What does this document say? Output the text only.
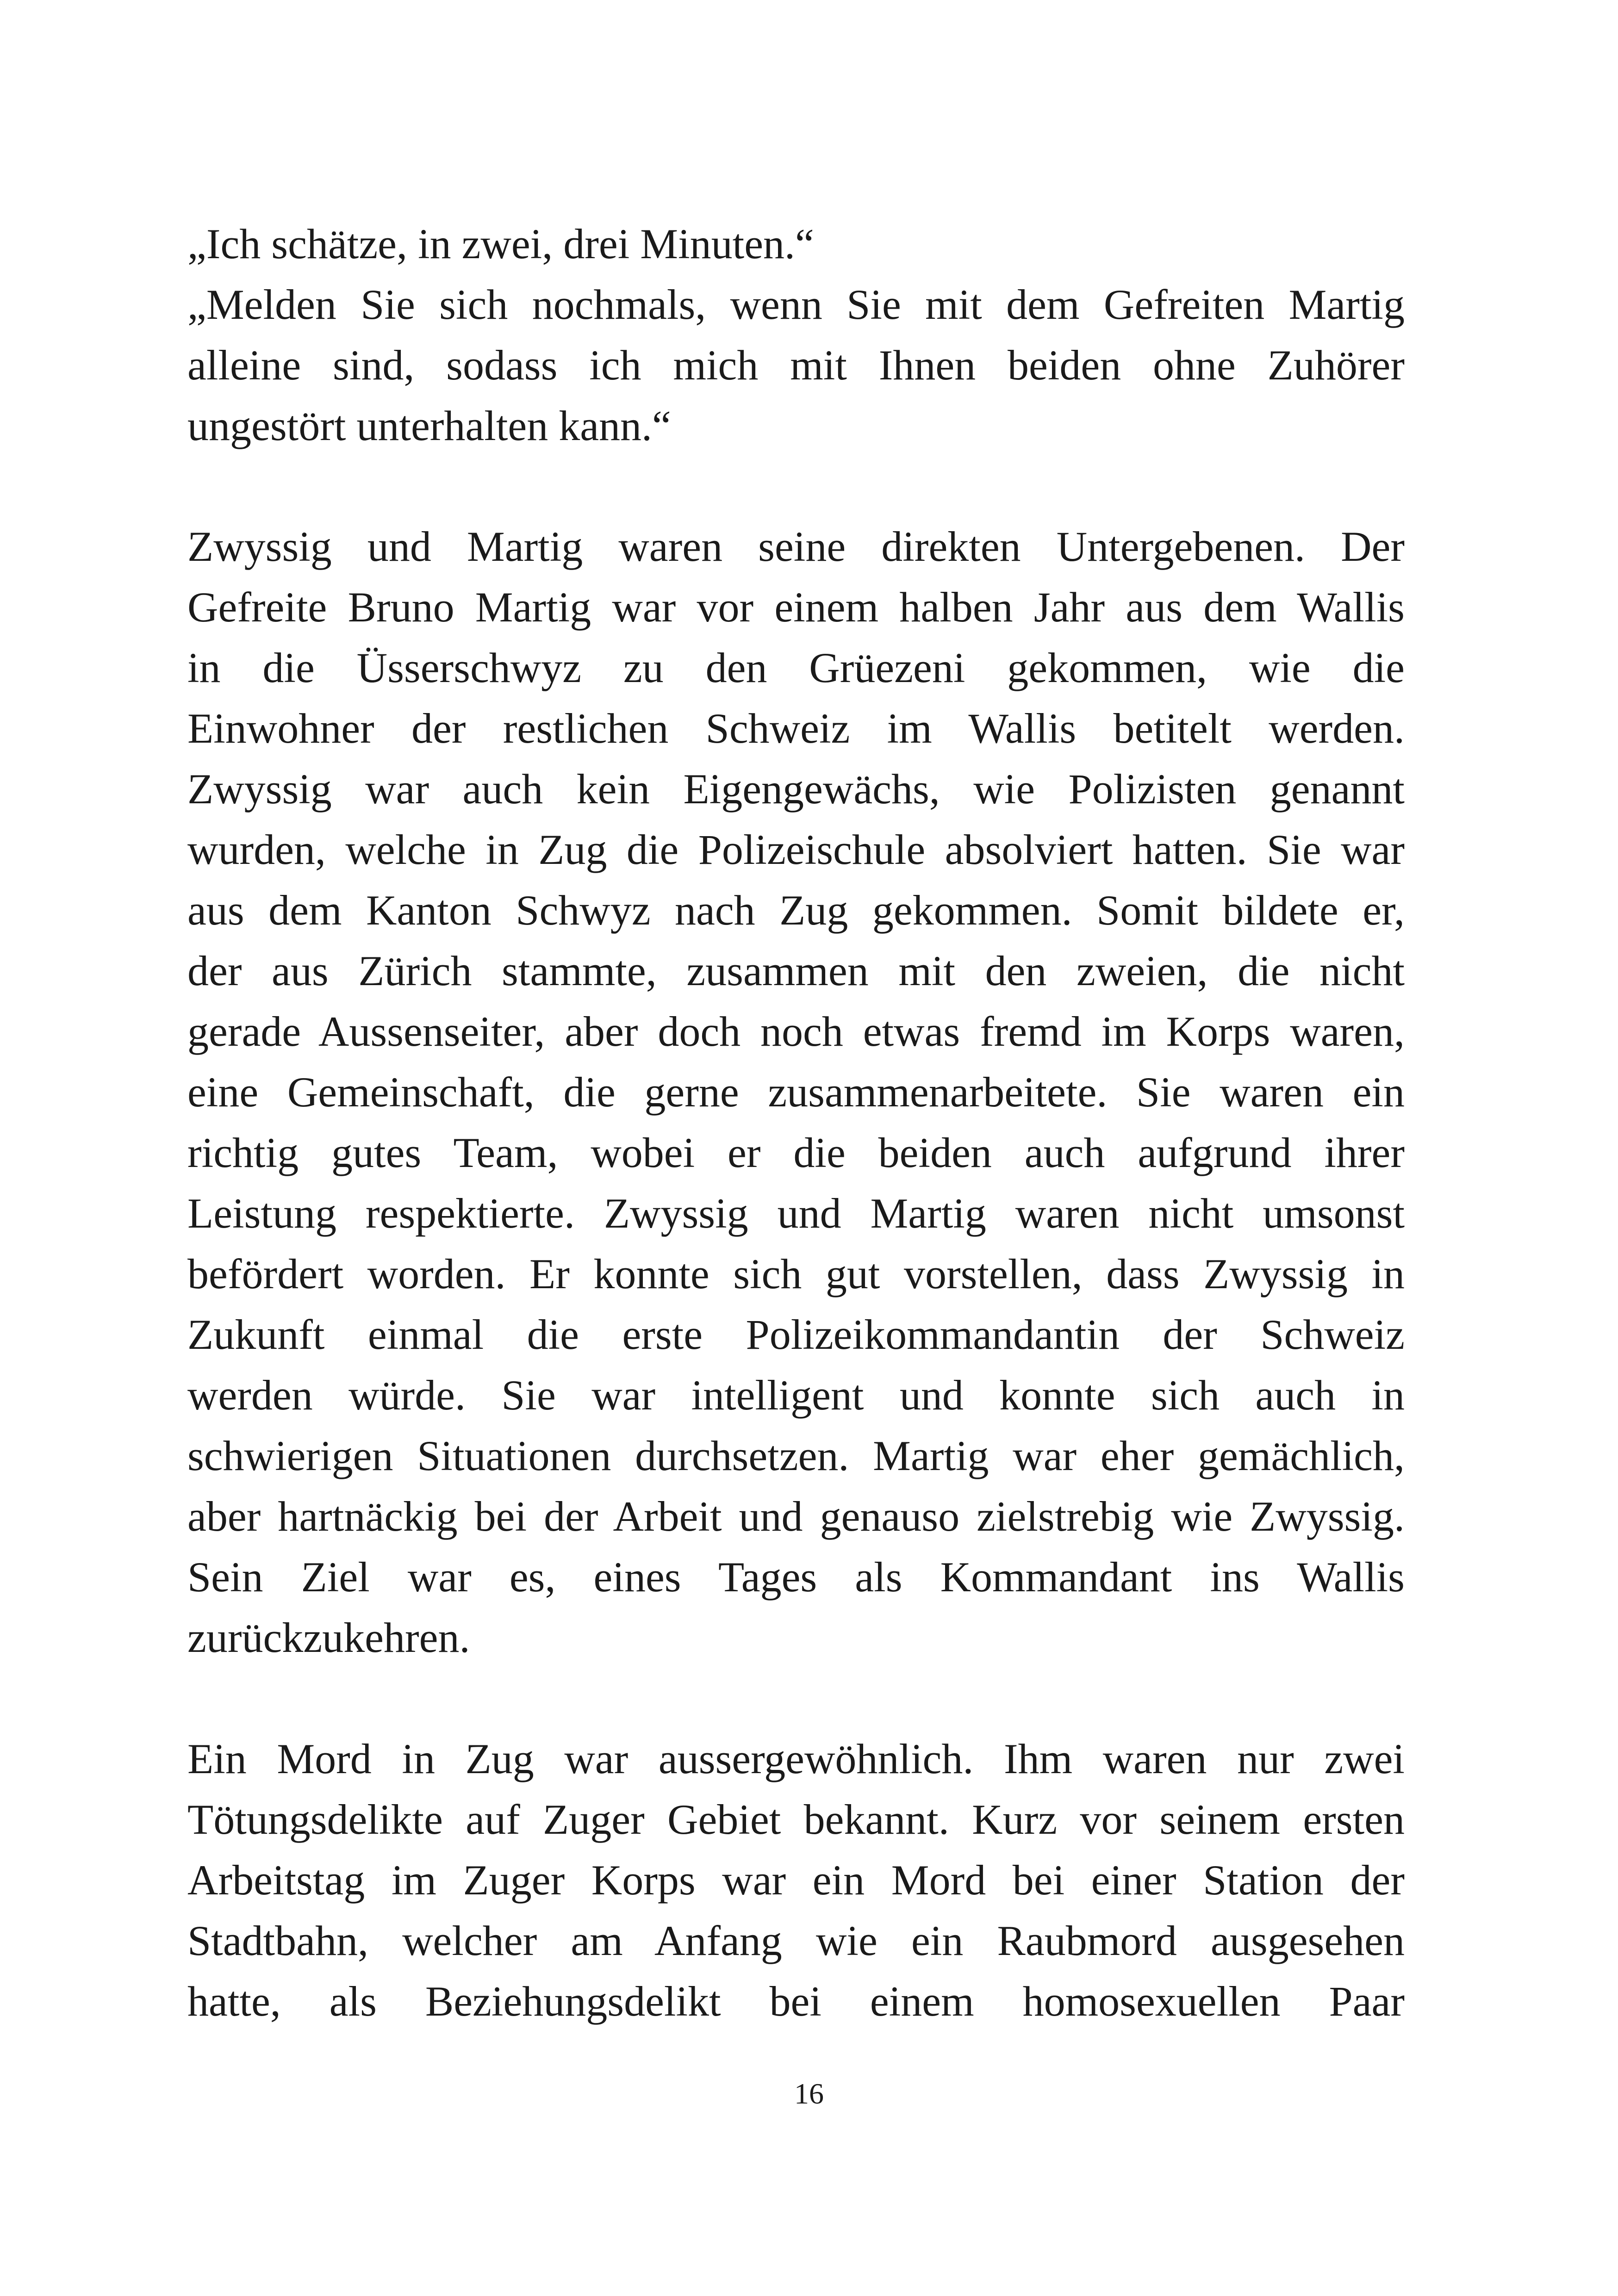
„Ich schätze, in zwei, drei Minuten.“
„Melden Sie sich nochmals, wenn Sie mit dem Gefreiten Martig
alleine sind, sodass ich mich mit Ihnen beiden ohne Zuhörer
ungestört unterhalten kann.“
Zwyssig und Martig waren seine direkten Untergebenen. Der
Gefreite Bruno Martig war vor einem halben Jahr aus dem Wallis
in die Üsserschwyz zu den Grüezeni gekommen, wie die
Einwohner der restlichen Schweiz im Wallis betitelt werden.
Zwyssig war auch kein Eigengewächs, wie Polizisten genannt
wurden, welche in Zug die Polizeischule absolviert hatten. Sie war
aus dem Kanton Schwyz nach Zug gekommen. Somit bildete er,
der aus Zürich stammte, zusammen mit den zweien, die nicht
gerade Aussenseiter, aber doch noch etwas fremd im Korps waren,
eine Gemeinschaft, die gerne zusammenarbeitete. Sie waren ein
richtig gutes Team, wobei er die beiden auch aufgrund ihrer
Leistung respektierte. Zwyssig und Martig waren nicht umsonst
befördert worden. Er konnte sich gut vorstellen, dass Zwyssig in
Zukunft einmal die erste Polizeikommandantin der Schweiz
werden würde. Sie war intelligent und konnte sich auch in
schwierigen Situationen durchsetzen. Martig war eher gemächlich,
aber hartnäckig bei der Arbeit und genauso zielstrebig wie Zwyssig.
Sein Ziel war es, eines Tages als Kommandant ins Wallis
zurückzukehren.
Ein Mord in Zug war aussergewöhnlich. Ihm waren nur zwei
Tötungsdelikte auf Zuger Gebiet bekannt. Kurz vor seinem ersten
Arbeitstag im Zuger Korps war ein Mord bei einer Station der
Stadtbahn, welcher am Anfang wie ein Raubmord ausgesehen
hatte, als Beziehungsdelikt bei einem homosexuellen Paar
16
